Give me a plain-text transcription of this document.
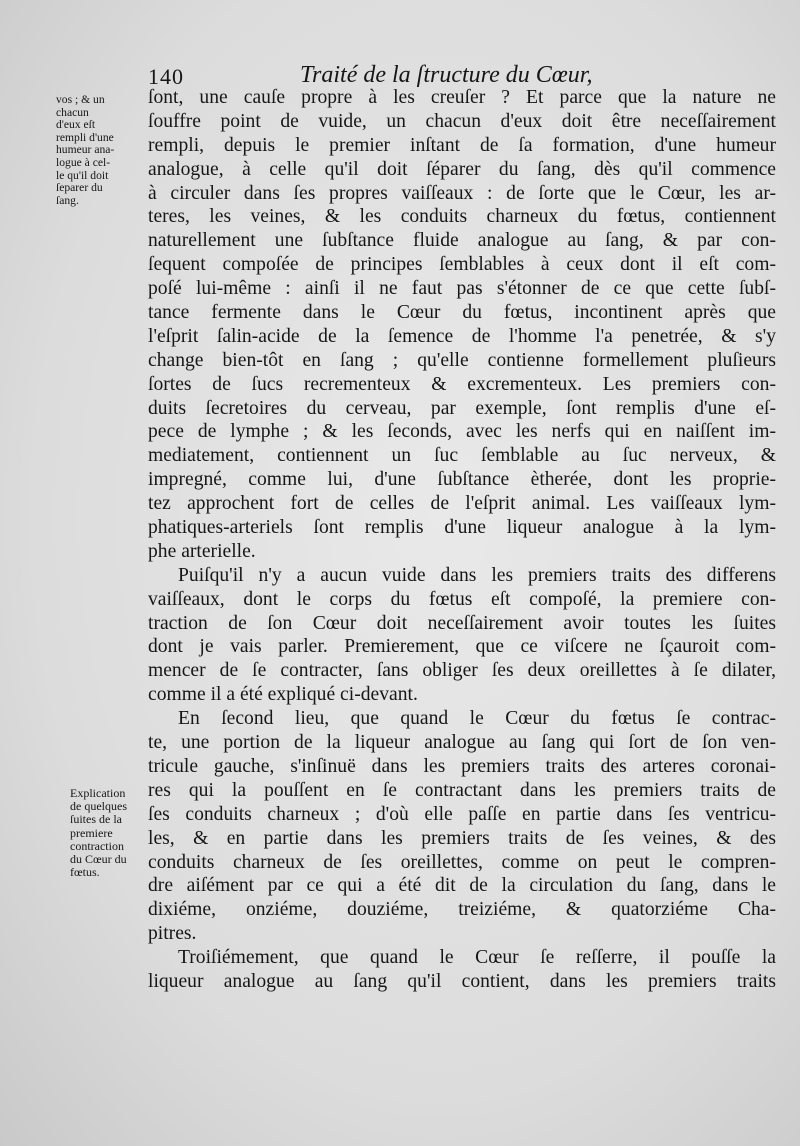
140	Traité de la ſtructure du Cœur,
vos ; & un
chacun
d'eux eſt
rempli d'une
humeur ana-
logue à cel-
le qu'il doit
ſeparer du
ſang.
Explication
de quelques
ſuites de la
premiere
contraction
du Cœur du
fœtus.
ſont, une cauſe propre à les creuſer ? Et parce que la nature ne
ſouffre point de vuide, un chacun d'eux doit être neceſſairement
rempli, depuis le premier inſtant de ſa formation, d'une humeur
analogue, à celle qu'il doit ſéparer du ſang, dès qu'il commence
à circuler dans ſes propres vaiſſeaux : de ſorte que le Cœur, les ar-
teres, les veines, & les conduits charneux du fœtus, contiennent
naturellement une ſubſtance fluide analogue au ſang, & par con-
ſequent compoſée de principes ſemblables à ceux dont il eſt com-
poſé lui-même : ainſi il ne faut pas s'étonner de ce que cette ſubſ-
tance fermente dans le Cœur du fœtus, incontinent après que
l'eſprit ſalin-acide de la ſemence de l'homme l'a penetrée, & s'y
change bien-tôt en ſang ; qu'elle contienne formellement pluſieurs
ſortes de ſucs recrementeux & excrementeux. Les premiers con-
duits ſecretoires du cerveau, par exemple, ſont remplis d'une eſ-
pece de lymphe ; & les ſeconds, avec les nerfs qui en naiſſent im-
mediatement, contiennent un ſuc ſemblable au ſuc nerveux, &
impregné, comme lui, d'une ſubſtance ètherée, dont les proprie-
tez approchent fort de celles de l'eſprit animal. Les vaiſſeaux lym-
phatiques-arteriels ſont remplis d'une liqueur analogue à la lym-
phe arterielle.
Puiſqu'il n'y a aucun vuide dans les premiers traits des differens
vaiſſeaux, dont le corps du fœtus eſt compoſé, la premiere con-
traction de ſon Cœur doit neceſſairement avoir toutes les ſuites
dont je vais parler. Premierement, que ce viſcere ne ſçauroit com-
mencer de ſe contracter, ſans obliger ſes deux oreillettes à ſe dilater,
comme il a été expliqué ci-devant.
En ſecond lieu, que quand le Cœur du fœtus ſe contrac-
te, une portion de la liqueur analogue au ſang qui ſort de ſon ven-
tricule gauche, s'inſinuë dans les premiers traits des arteres coronai-
res qui la pouſſent en ſe contractant dans les premiers traits de
ſes conduits charneux ; d'où elle paſſe en partie dans ſes ventricu-
les, & en partie dans les premiers traits de ſes veines, & des
conduits charneux de ſes oreillettes, comme on peut le compren-
dre aiſément par ce qui a été dit de la circulation du ſang, dans le
dixiéme, onziéme, douziéme, treiziéme, & quatorziéme Cha-
pitres.
Troiſiémement, que quand le Cœur ſe reſſerre, il pouſſe la
liqueur analogue au ſang qu'il contient, dans les premiers traits
